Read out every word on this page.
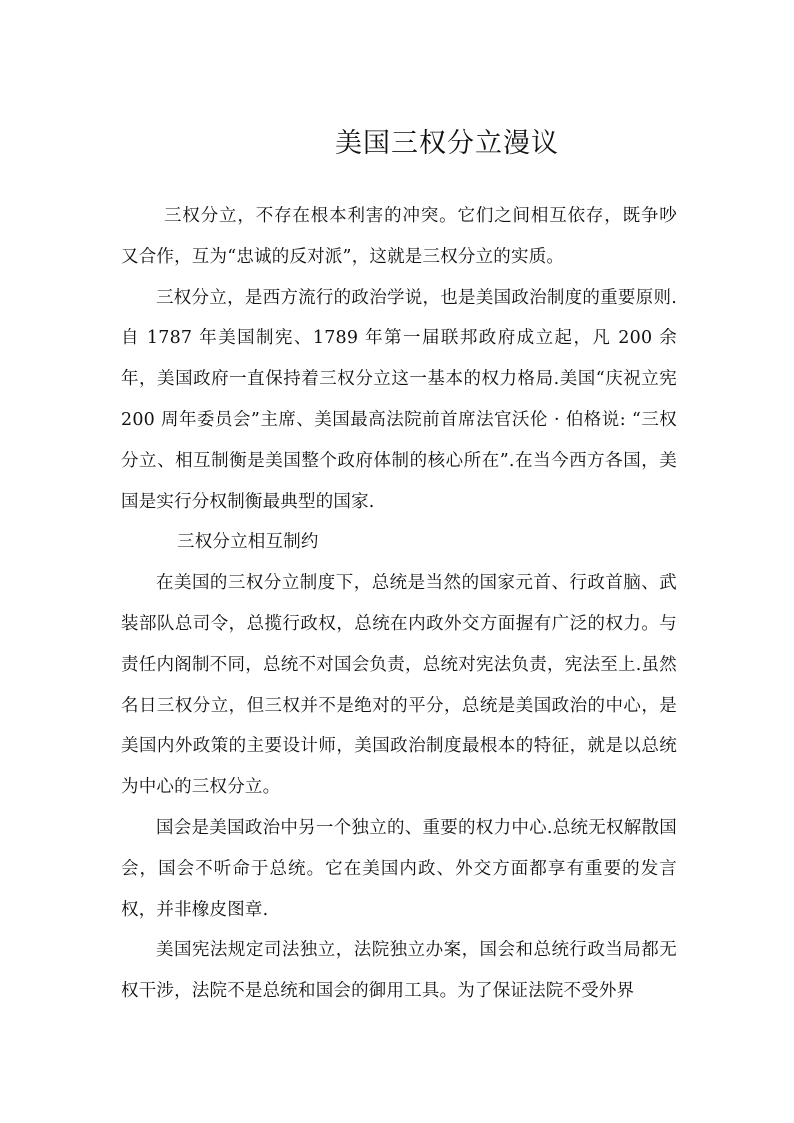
美国三权分立漫议

三权分立，不存在根本利害的冲突。它们之间相互依存，既争吵又合作，互为“忠诚的反对派”，这就是三权分立的实质。

三权分立，是西方流行的政治学说，也是美国政治制度的重要原则.自 1787 年美国制宪、1789 年第一届联邦政府成立起，凡 200 余年，美国政府一直保持着三权分立这一基本的权力格局.美国“庆祝立宪 200 周年委员会”主席、美国最高法院前首席法官沃伦 · 伯格说: “三权分立、相互制衡是美国整个政府体制的核心所在”.在当今西方各国，美国是实行分权制衡最典型的国家.

三权分立相互制约

在美国的三权分立制度下，总统是当然的国家元首、行政首脑、武装部队总司令，总揽行政权，总统在内政外交方面握有广泛的权力。与责任内阁制不同，总统不对国会负责，总统对宪法负责，宪法至上.虽然名日三权分立，但三权并不是绝对的平分，总统是美国政治的中心，是美国内外政策的主要设计师，美国政治制度最根本的特征，就是以总统为中心的三权分立。

国会是美国政治中另一个独立的、重要的权力中心.总统无权解散国会，国会不听命于总统。它在美国内政、外交方面都享有重要的发言权，并非橡皮图章.

美国宪法规定司法独立，法院独立办案，国会和总统行政当局都无权干涉，法院不是总统和国会的御用工具。为了保证法院不受外界
